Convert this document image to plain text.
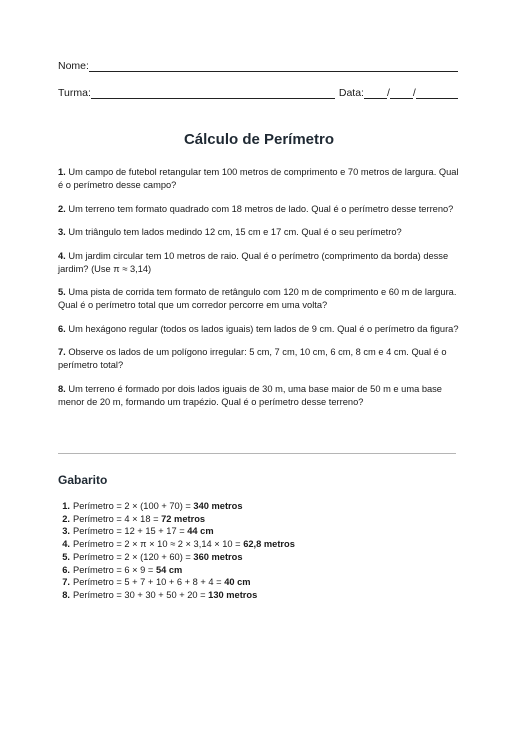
Nome:
Turma:	Data: / /
Cálculo de Perímetro

1. Um campo de futebol retangular tem 100 metros de comprimento e 70 metros de largura. Qual é o perímetro desse campo?

2. Um terreno tem formato quadrado com 18 metros de lado. Qual é o perímetro desse terreno?

3. Um triângulo tem lados medindo 12 cm, 15 cm e 17 cm. Qual é o seu perímetro?

4. Um jardim circular tem 10 metros de raio. Qual é o perímetro (comprimento da borda) desse jardim? (Use π ≈ 3,14)

5. Uma pista de corrida tem formato de retângulo com 120 m de comprimento e 60 m de largura. Qual é o perímetro total que um corredor percorre em uma volta?

6. Um hexágono regular (todos os lados iguais) tem lados de 9 cm. Qual é o perímetro da figura?

7. Observe os lados de um polígono irregular: 5 cm, 7 cm, 10 cm, 6 cm, 8 cm e 4 cm. Qual é o perímetro total?

8. Um terreno é formado por dois lados iguais de 30 m, uma base maior de 50 m e uma base menor de 20 m, formando um trapézio. Qual é o perímetro desse terreno?

Gabarito
1. Perímetro = 2 × (100 + 70) =
340 metros
2. Perímetro = 4 × 18 =
72 metros
3. Perímetro = 12 + 15 + 17 =
44 cm
4. Perímetro = 2 × π × 10 ≈ 2 × 3,14 × 10 =
62,8 metros
5. Perímetro = 2 × (120 + 60) =
360 metros
6. Perímetro = 6 × 9 =
54 cm
7. Perímetro = 5 + 7 + 10 + 6 + 8 + 4 =
40 cm
8. Perímetro = 30 + 30 + 50 + 20 =
130 metros
